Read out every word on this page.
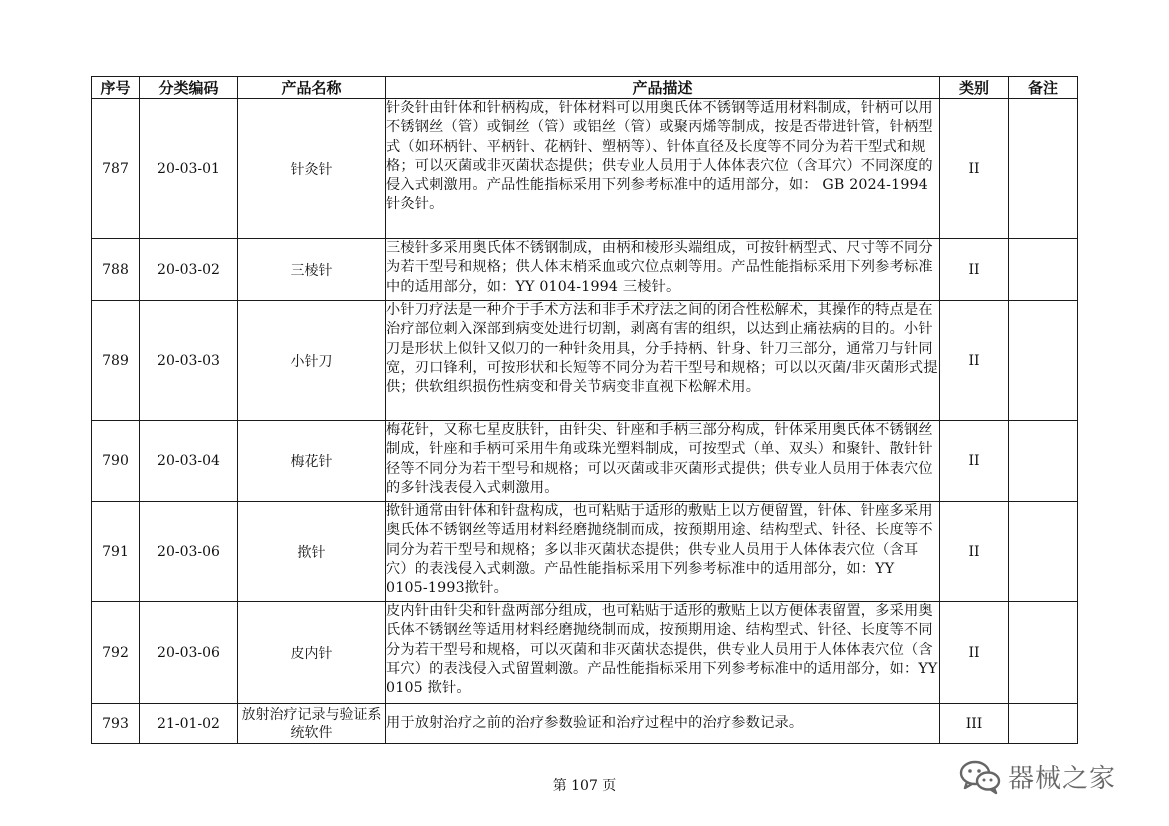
序号	分类编码	产品名称	产品描述	类别	备注
787	20-03-01	针灸针	针灸针由针体和针柄构成，针体材料可以用奥氏体不锈钢等适用材料制成，针柄可以用不锈钢丝（管）或铜丝（管）或铝丝（管）或聚丙烯等制成，按是否带进针管，针柄型式（如环柄针、平柄针、花柄针、塑柄等）、针体直径及长度等不同分为若干型式和规格；可以灭菌或非灭菌状态提供；供专业人员用于人体体表穴位（含耳穴）不同深度的侵入式刺激用。产品性能指标采用下列参考标准中的适用部分，如： GB 2024-1994 针灸针。	II	
788	20-03-02	三棱针	三棱针多采用奥氏体不锈钢制成，由柄和棱形头端组成，可按针柄型式、尺寸等不同分为若干型号和规格；供人体末梢采血或穴位点刺等用。产品性能指标采用下列参考标准中的适用部分，如：YY 0104-1994 三棱针。	II	
789	20-03-03	小针刀	小针刀疗法是一种介于手术方法和非手术疗法之间的闭合性松解术，其操作的特点是在治疗部位刺入深部到病变处进行切割，剥离有害的组织，以达到止痛祛病的目的。小针刀是形状上似针又似刀的一种针灸用具，分手持柄、针身、针刀三部分，通常刀与针同宽，刃口锋利，可按形状和长短等不同分为若干型号和规格；可以以灭菌/非灭菌形式提供；供软组织损伤性病变和骨关节病变非直视下松解术用。	II	
790	20-03-04	梅花针	梅花针，又称七星皮肤针，由针尖、针座和手柄三部分构成，针体采用奥氏体不锈钢丝制成，针座和手柄可采用牛角或珠光塑料制成，可按型式（单、双头）和聚针、散针针径等不同分为若干型号和规格；可以灭菌或非灭菌形式提供；供专业人员用于体表穴位的多针浅表侵入式刺激用。	II	
791	20-03-06	揿针	揿针通常由针体和针盘构成，也可粘贴于适形的敷贴上以方便留置，针体、针座多采用奥氏体不锈钢丝等适用材料经磨抛绕制而成，按预期用途、结构型式、针径、长度等不同分为若干型号和规格；多以非灭菌状态提供；供专业人员用于人体体表穴位（含耳穴）的表浅侵入式刺激。产品性能指标采用下列参考标准中的适用部分，如：YY 0105-1993揿针。	II	
792	20-03-06	皮内针	皮内针由针尖和针盘两部分组成，也可粘贴于适形的敷贴上以方便体表留置，多采用奥氏体不锈钢丝等适用材料经磨抛绕制而成，按预期用途、结构型式、针径、长度等不同分为若干型号和规格，可以灭菌和非灭菌状态提供，供专业人员用于人体体表穴位（含耳穴）的表浅侵入式留置刺激。产品性能指标采用下列参考标准中的适用部分，如：YY 0105 揿针。	II	
793	21-01-02	放射治疗记录与验证系统软件	用于放射治疗之前的治疗参数验证和治疗过程中的治疗参数记录。	III	
第 107 页	器械之家
